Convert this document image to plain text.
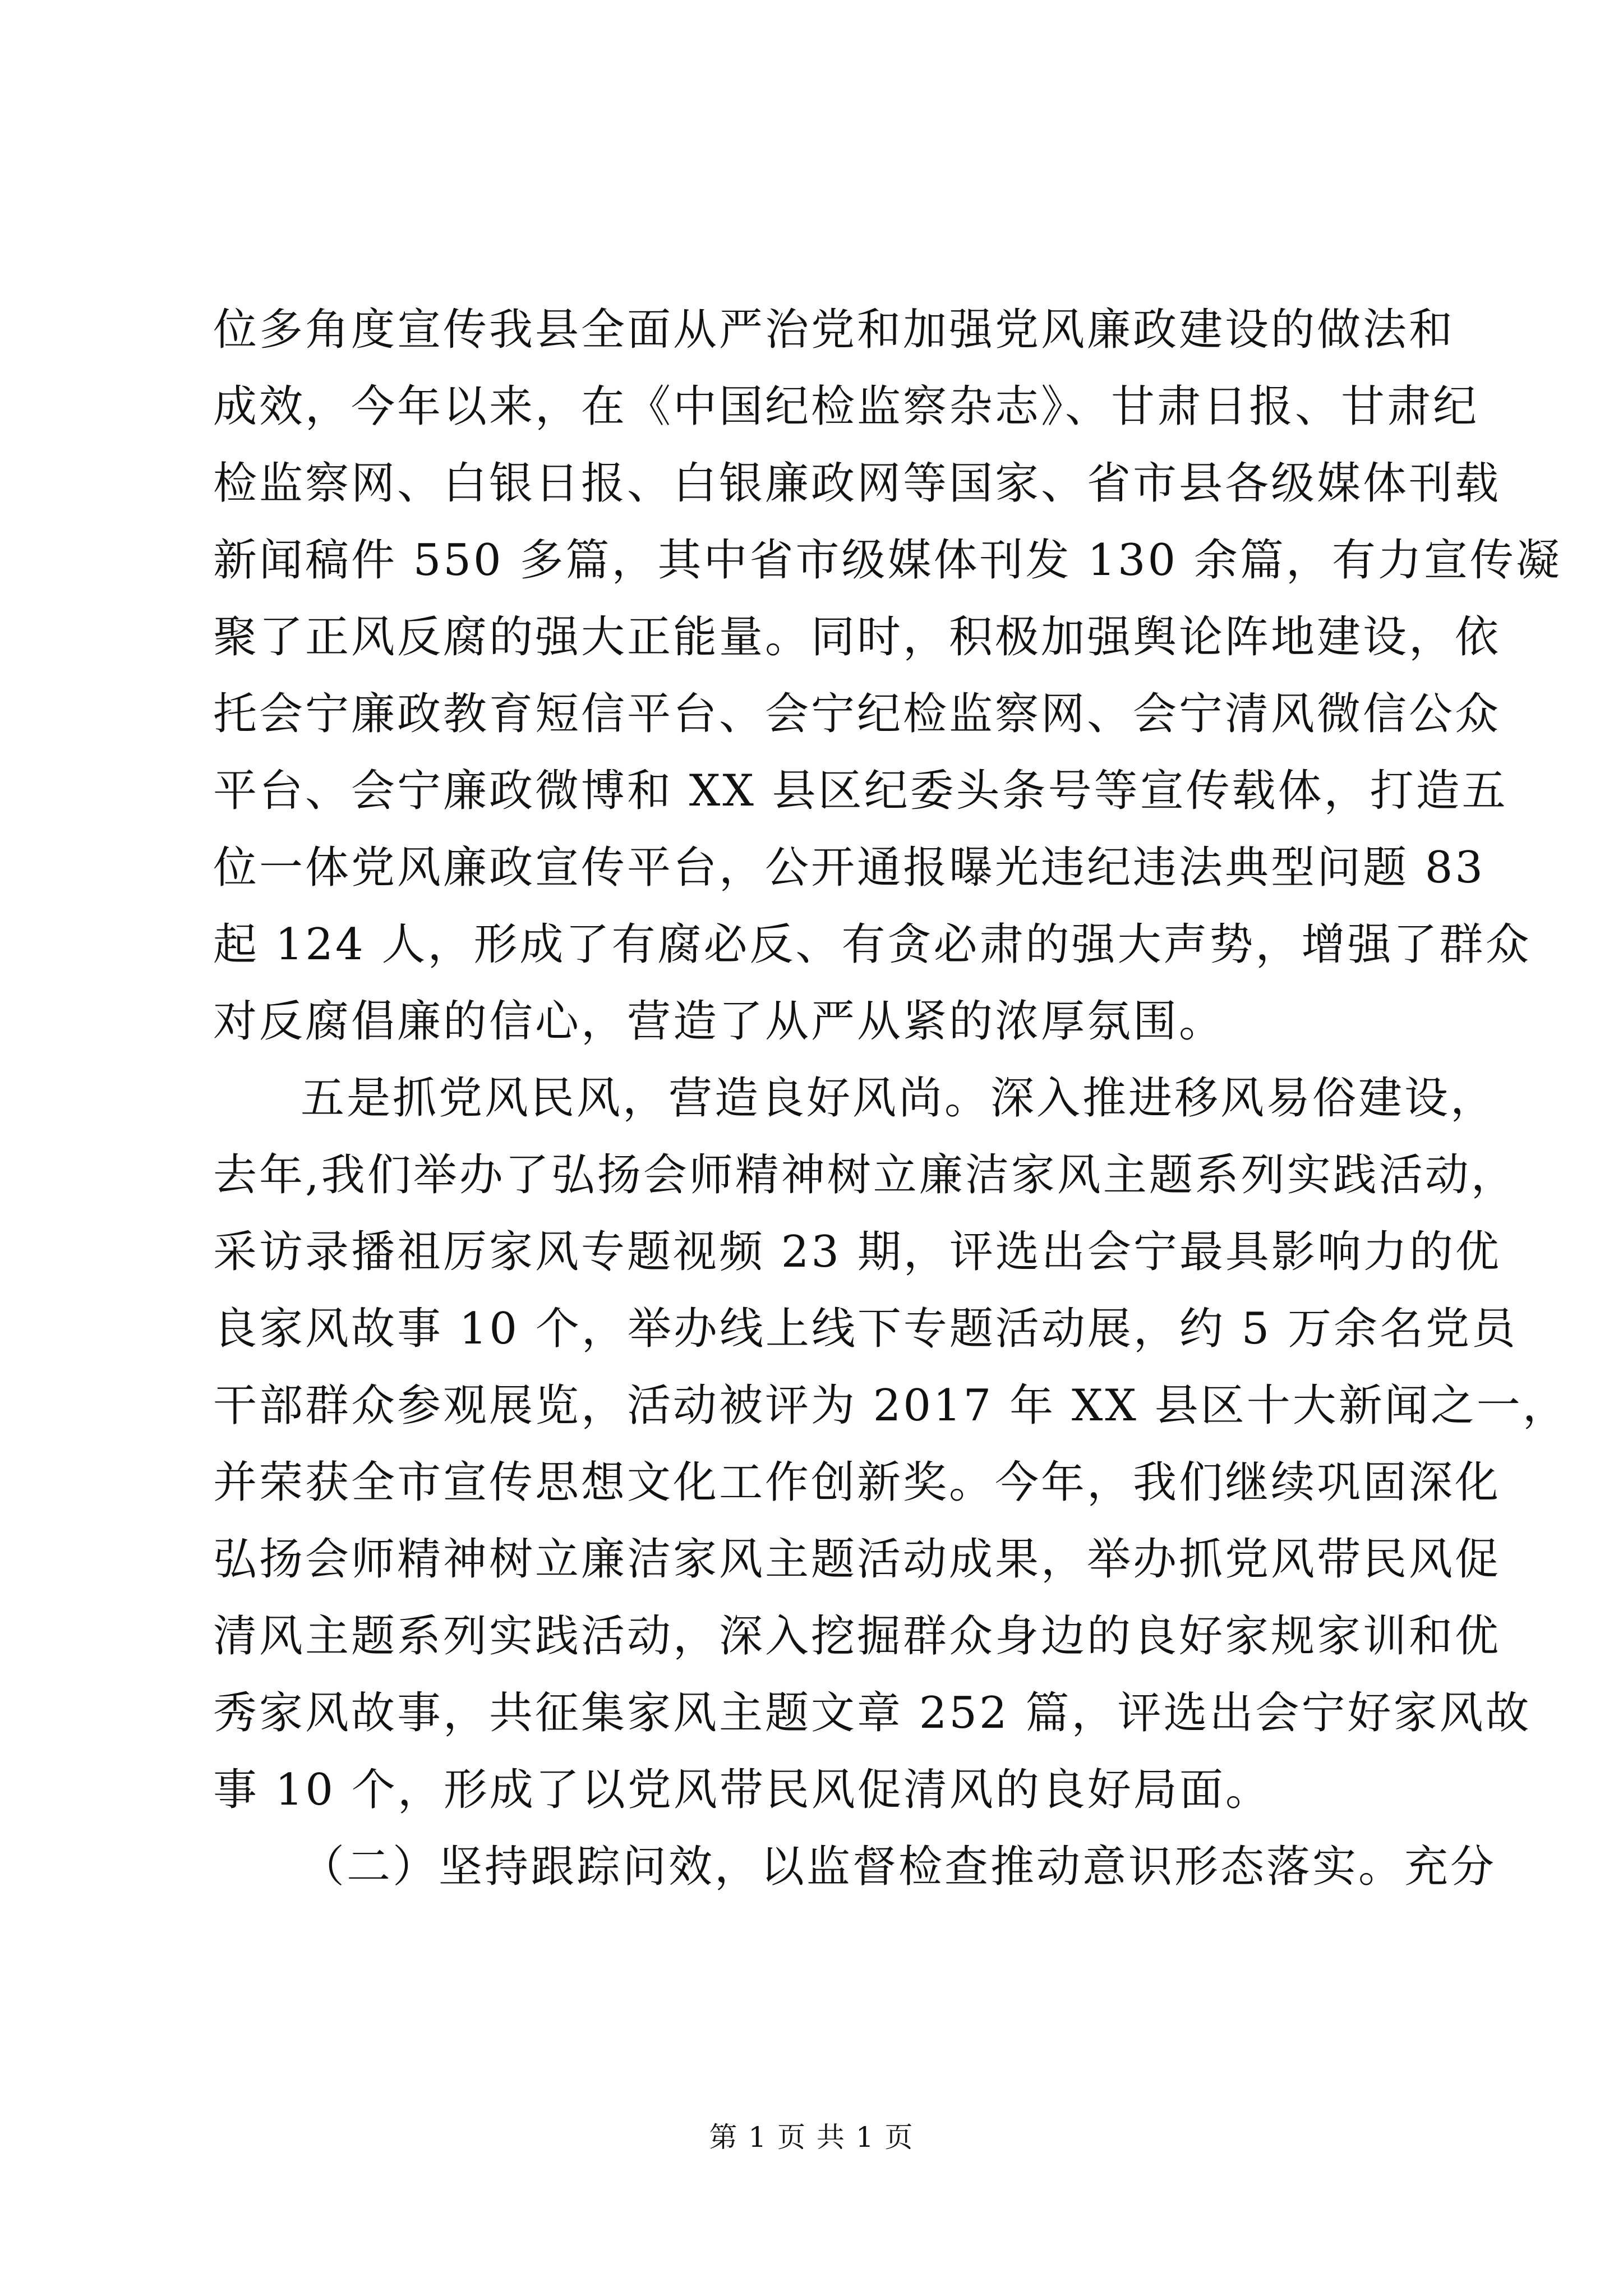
位多角度宣传我县全面从严治党和加强党风廉政建设的做法和
成效，今年以来，在《中国纪检监察杂志》、甘肃日报、甘肃纪
检监察网、白银日报、白银廉政网等国家、省市县各级媒体刊载
新闻稿件 550 多篇，其中省市级媒体刊发 130 余篇，有力宣传凝
聚了正风反腐的强大正能量。同时，积极加强舆论阵地建设，依
托会宁廉政教育短信平台、会宁纪检监察网、会宁清风微信公众
平台、会宁廉政微博和 XX 县区纪委头条号等宣传载体，打造五
位一体党风廉政宣传平台，公开通报曝光违纪违法典型问题 83
起 124 人，形成了有腐必反、有贪必肃的强大声势，增强了群众
对反腐倡廉的信心，营造了从严从紧的浓厚氛围。
五是抓党风民风，营造良好风尚。深入推进移风易俗建设，
去年,我们举办了弘扬会师精神树立廉洁家风主题系列实践活动，
采访录播祖厉家风专题视频 23 期，评选出会宁最具影响力的优
良家风故事 10 个，举办线上线下专题活动展，约 5 万余名党员
干部群众参观展览，活动被评为 2017 年 XX 县区十大新闻之一，
并荣获全市宣传思想文化工作创新奖。今年，我们继续巩固深化
弘扬会师精神树立廉洁家风主题活动成果，举办抓党风带民风促
清风主题系列实践活动，深入挖掘群众身边的良好家规家训和优
秀家风故事，共征集家风主题文章 252 篇，评选出会宁好家风故
事 10 个，形成了以党风带民风促清风的良好局面。
（二）坚持跟踪问效，以监督检查推动意识形态落实。充分
第 1 页 共 1 页
